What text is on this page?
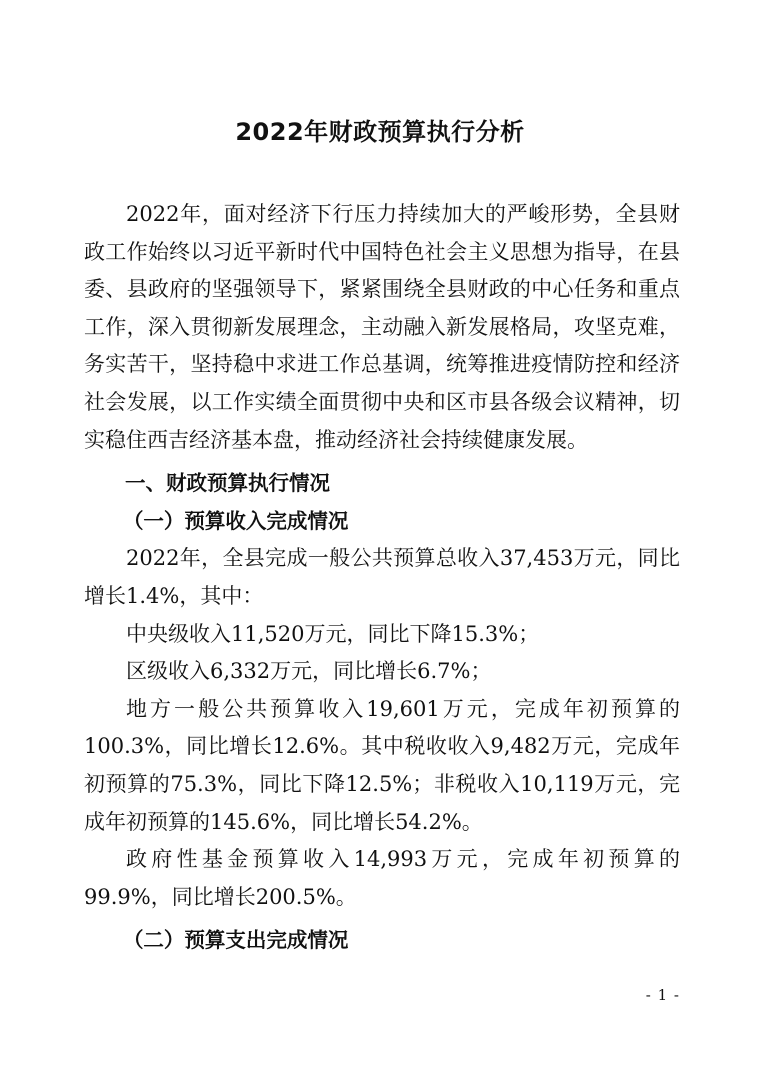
2022年财政预算执行分析

2022年，面对经济下行压力持续加大的严峻形势，全县财政工作始终以习近平新时代中国特色社会主义思想为指导，在县委、县政府的坚强领导下，紧紧围绕全县财政的中心任务和重点工作，深入贯彻新发展理念，主动融入新发展格局，攻坚克难，务实苦干，坚持稳中求进工作总基调，统筹推进疫情防控和经济社会发展，以工作实绩全面贯彻中央和区市县各级会议精神，切实稳住西吉经济基本盘，推动经济社会持续健康发展。

一、财政预算执行情况

（一）预算收入完成情况

2022年，全县完成一般公共预算总收入37,453万元，同比增长1.4%，其中：

中央级收入11,520万元，同比下降15.3%；

区级收入6,332万元，同比增长6.7%；

地方一般公共预算收入19,601万元，完成年初预算的100.3%，同比增长12.6%。其中税收收入9,482万元，完成年初预算的75.3%，同比下降12.5%；非税收入10,119万元，完成年初预算的145.6%，同比增长54.2%。

政府性基金预算收入14,993万元，完成年初预算的99.9%，同比增长200.5%。

（二）预算支出完成情况

- 1 -
